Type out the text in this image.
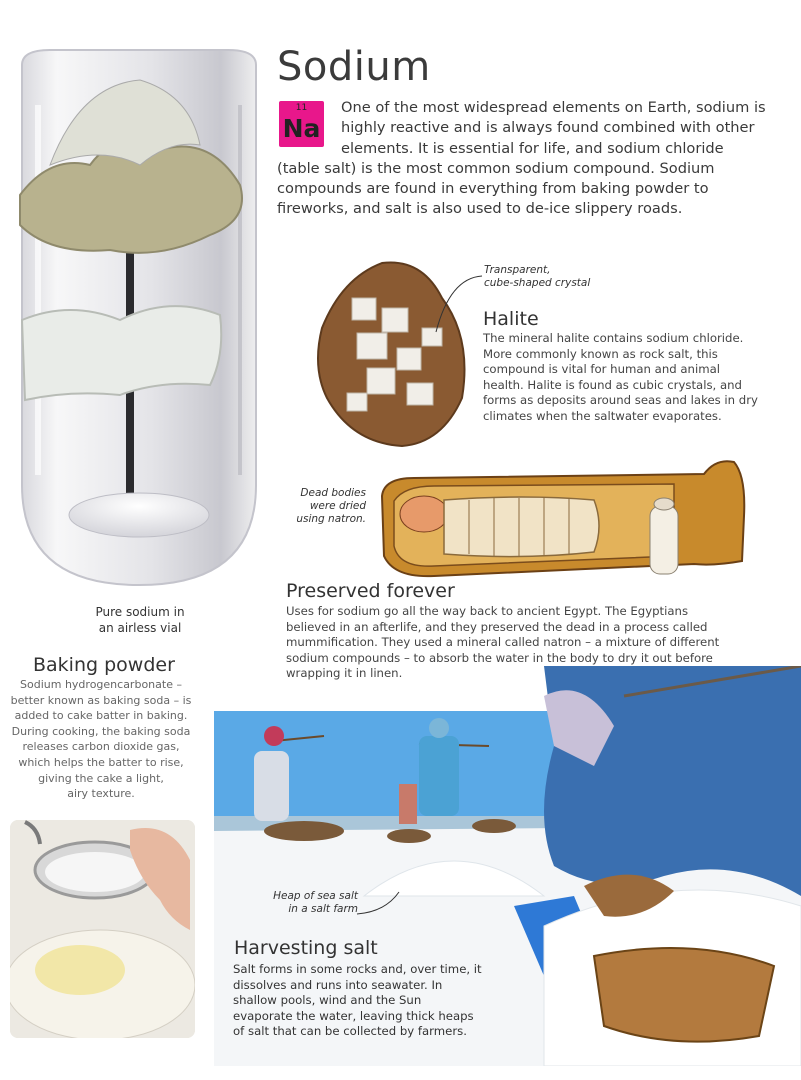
Sodium
11
Na
One of the most widespread elements on Earth, sodium is highly reactive and is always found combined with other elements. It is essential for life, and sodium chloride (table salt) is the most common sodium compound. Sodium compounds are found in everything from baking powder to fireworks, and salt is also used to de-ice slippery roads.
Pure sodium in
an airless vial
Transparent,
cube-shaped crystal
Halite
The mineral halite contains sodium chloride. More commonly known as rock salt, this compound is vital for human and animal health. Halite is found as cubic crystals, and forms as deposits around seas and lakes in dry climates when the saltwater evaporates.
Dead bodies
were dried
using natron.
Preserved forever
Uses for sodium go all the way back to ancient Egypt. The Egyptians believed in an afterlife, and they preserved the dead in a process called mummification. They used a mineral called natron – a mixture of different sodium compounds – to absorb the water in the body to dry it out before wrapping it in linen.
Baking powder
Sodium hydrogencarbonate –
better known as baking soda – is
added to cake batter in baking.
During cooking, the baking soda
releases carbon dioxide gas,
which helps the batter to rise,
giving the cake a light,
airy texture.
Heap of sea salt
in a salt farm
Harvesting salt
Salt forms in some rocks and, over time, it dissolves and runs into seawater. In shallow pools, wind and the Sun evaporate the water, leaving thick heaps of salt that can be collected by farmers.
